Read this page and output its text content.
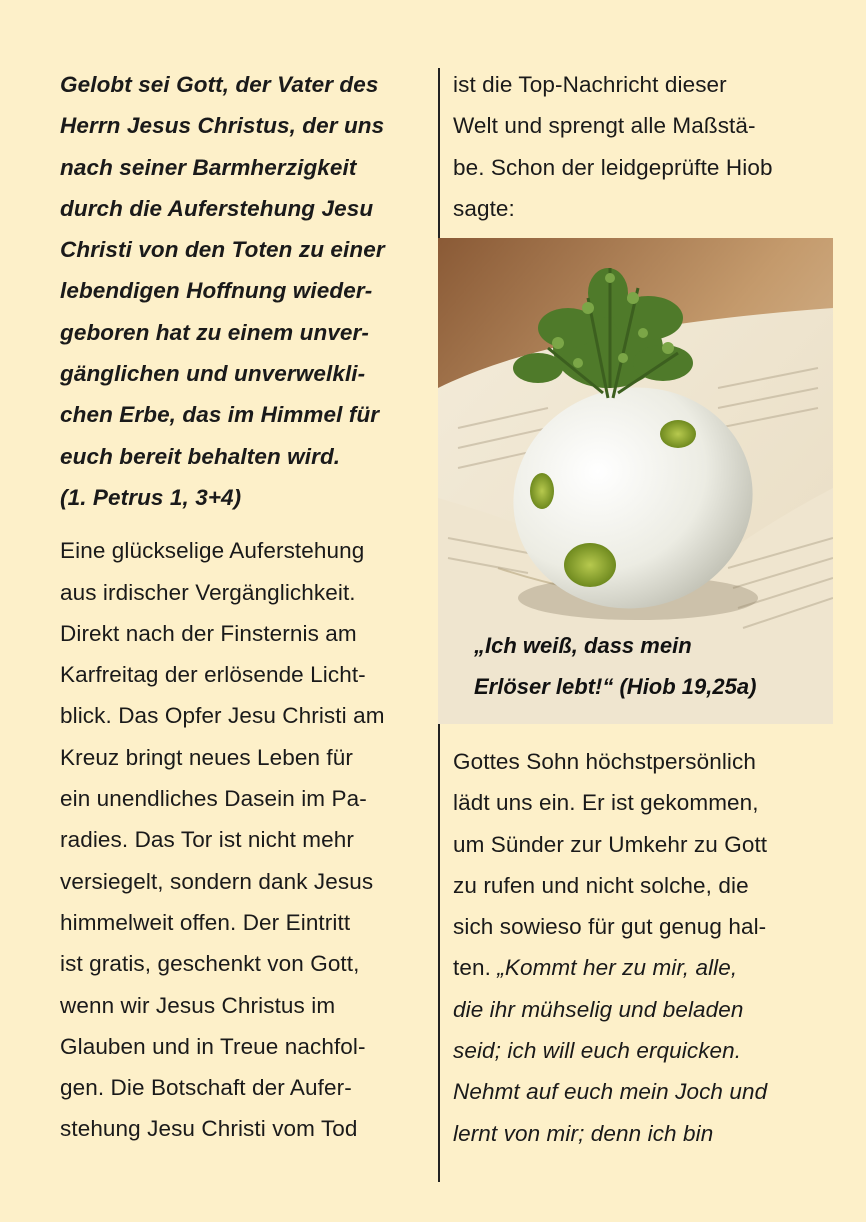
Gelobt sei Gott, der Vater des
Herrn Jesus Christus, der uns
nach seiner Barmherzigkeit
durch die Auferstehung Jesu
Christi von den Toten zu einer
lebendigen Hoffnung wieder-
geboren hat zu einem unver-
gänglichen und unverwelkli-
chen Erbe, das im Himmel für
euch bereit behalten wird.
(1. Petrus 1, 3+4)
Eine glückselige Auferstehung
aus irdischer Vergänglichkeit.
Direkt nach der Finsternis am
Karfreitag der erlösende Licht-
blick. Das Opfer Jesu Christi am
Kreuz bringt neues Leben für
ein unendliches Dasein im Pa-
radies. Das Tor ist nicht mehr
versiegelt, sondern dank Jesus
himmelweit offen. Der Eintritt
ist gratis, geschenkt von Gott,
wenn wir Jesus Christus im
Glauben und in Treue nachfol-
gen. Die Botschaft der Aufer-
stehung Jesu Christi vom Tod
ist die Top-Nachricht dieser
Welt und sprengt alle Maßstä-
be. Schon der leidgeprüfte Hiob
sagte:
„Ich weiß, dass mein
Erlöser lebt!“ (Hiob 19,25a)
Gottes Sohn höchstpersönlich
lädt uns ein. Er ist gekommen,
um Sünder zur Umkehr zu Gott
zu rufen und nicht solche, die
sich sowieso für gut genug hal-
ten. „Kommt her zu mir, alle,
die ihr mühselig und beladen
seid; ich will euch erquicken.
Nehmt auf euch mein Joch und
lernt von mir; denn ich bin
